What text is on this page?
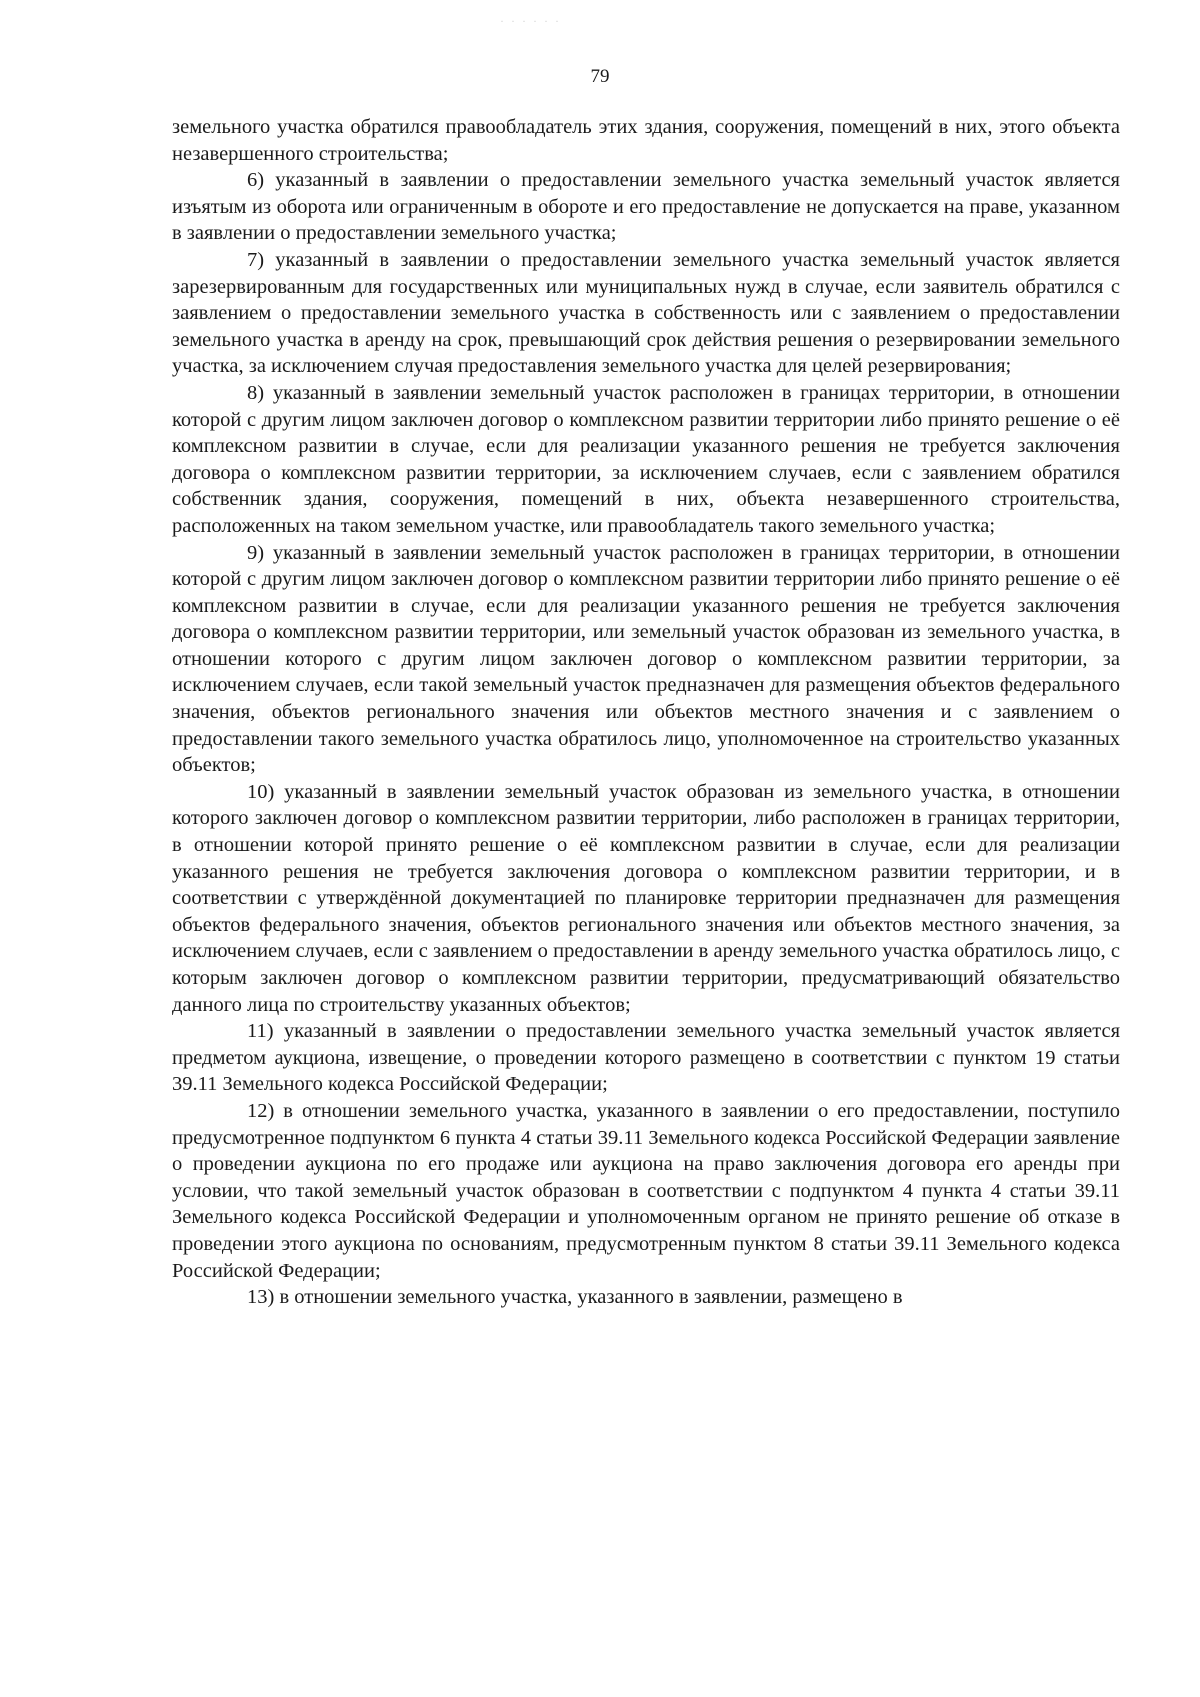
· · · · · ·
79

земельного участка обратился правообладатель этих здания, сооружения, помещений в них, этого объекта незавершенного строительства;

6) указанный в заявлении о предоставлении земельного участка земельный участок является изъятым из оборота или ограниченным в обороте и его предоставление не допускается на праве, указанном в заявлении о предоставлении земельного участка;

7) указанный в заявлении о предоставлении земельного участка земельный участок является зарезервированным для государственных или муниципальных нужд в случае, если заявитель обратился с заявлением о предоставлении земельного участка в собственность или с заявлением о предоставлении земельного участка в аренду на срок, превышающий срок действия решения о резервировании земельного участка, за исключением случая предоставления земельного участка для целей резервирования;

8) указанный в заявлении земельный участок расположен в границах территории, в отношении которой с другим лицом заключен договор о комплексном развитии территории либо принято решение о её комплексном развитии в случае, если для реализации указанного решения не требуется заключения договора о комплексном развитии территории, за исключением случаев, если с заявлением обратился собственник здания, сооружения, помещений в них, объекта незавершенного строительства, расположенных на таком земельном участке, или правообладатель такого земельного участка;

9) указанный в заявлении земельный участок расположен в границах территории, в отношении которой с другим лицом заключен договор о комплексном развитии территории либо принято решение о её комплексном развитии в случае, если для реализации указанного решения не требуется заключения договора о комплексном развитии территории, или земельный участок образован из земельного участка, в отношении которого с другим лицом заключен договор о комплексном развитии территории, за исключением случаев, если такой земельный участок предназначен для размещения объектов федерального значения, объектов регионального значения или объектов местного значения и с заявлением о предоставлении такого земельного участка обратилось лицо, уполномоченное на строительство указанных объектов;

10) указанный в заявлении земельный участок образован из земельного участка, в отношении которого заключен договор о комплексном развитии территории, либо расположен в границах территории, в отношении которой принято решение о её комплексном развитии в случае, если для реализации указанного решения не требуется заключения договора о комплексном развитии территории, и в соответствии с утверждённой документацией по планировке территории предназначен для размещения объектов федерального значения, объектов регионального значения или объектов местного значения, за исключением случаев, если с заявлением о предоставлении в аренду земельного участка обратилось лицо, с которым заключен договор о комплексном развитии территории, предусматривающий обязательство данного лица по строительству указанных объектов;

11) указанный в заявлении о предоставлении земельного участка земельный участок является предметом аукциона, извещение, о проведении которого размещено в соответствии с пунктом 19 статьи 39.11 Земельного кодекса Российской Федерации;

12) в отношении земельного участка, указанного в заявлении о его предоставлении, поступило предусмотренное подпунктом 6 пункта 4 статьи 39.11 Земельного кодекса Российской Федерации заявление о проведении аукциона по его продаже или аукциона на право заключения договора его аренды при условии, что такой земельный участок образован в соответствии с подпунктом 4 пункта 4 статьи 39.11 Земельного кодекса Российской Федерации и уполномоченным органом не принято решение об отказе в проведении этого аукциона по основаниям, предусмотренным пунктом 8 статьи 39.11 Земельного кодекса Российской Федерации;

13) в отношении земельного участка, указанного в заявлении, размещено в
